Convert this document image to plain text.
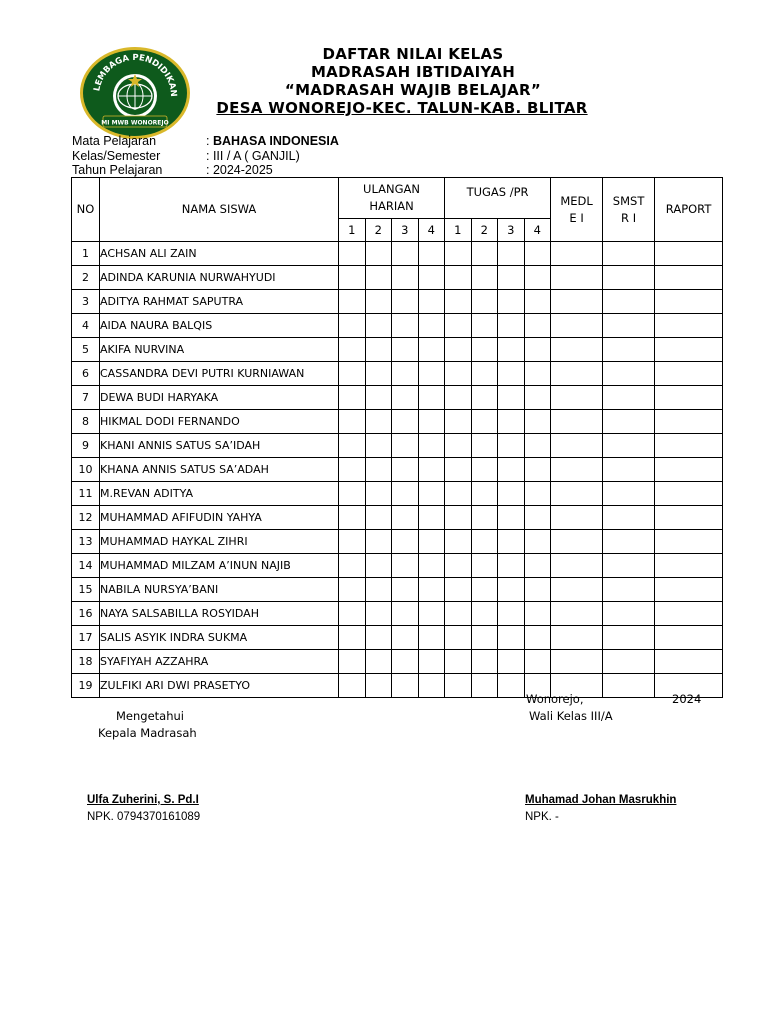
LEMBAGA PENDIDIKAN
MI MWB WONOREJO
DAFTAR NILAI KELAS
MADRASAH IBTIDAIYAH
“MADRASAH WAJIB BELAJAR”
DESA WONOREJO-KEC. TALUN-KAB. BLITAR
Mata Pelajaran	: BAHASA INDONESIA
Kelas/Semester	: III / A ( GANJIL)
Tahun Pelajaran	: 2024-2025
NO	NAMA SISWA	ULANGAN HARIAN				TUGAS /PR				MEDLE I	SMSTR I	RAPORT
		1	2	3	4	1	2	3	4			
1	ACHSAN ALI ZAIN											
2	ADINDA KARUNIA NURWAHYUDI											
3	ADITYA RAHMAT SAPUTRA											
4	AIDA NAURA BALQIS											
5	AKIFA NURVINA											
6	CASSANDRA DEVI PUTRI KURNIAWAN											
7	DEWA BUDI HARYAKA											
8	HIKMAL DODI FERNANDO											
9	KHANI ANNIS SATUS SA’IDAH											
10	KHANA ANNIS SATUS SA’ADAH											
11	M.REVAN ADITYA											
12	MUHAMMAD AFIFUDIN YAHYA											
13	MUHAMMAD HAYKAL ZIHRI											
14	MUHAMMAD MILZAM A’INUN NAJIB											
15	NABILA NURSYA’BANI											
16	NAYA SALSABILLA ROSYIDAH											
17	SALIS ASYIK INDRA SUKMA											
18	SYAFIYAH AZZAHRA											
19	ZULFIKI ARI DWI PRASETYO											
Wonorejo,	2024
Mengetahui	Wali Kelas III/A
Kepala Madrasah
Ulfa Zuherini, S. Pd.I	Muhamad Johan Masrukhin
NPK. 0794370161089	NPK. -
